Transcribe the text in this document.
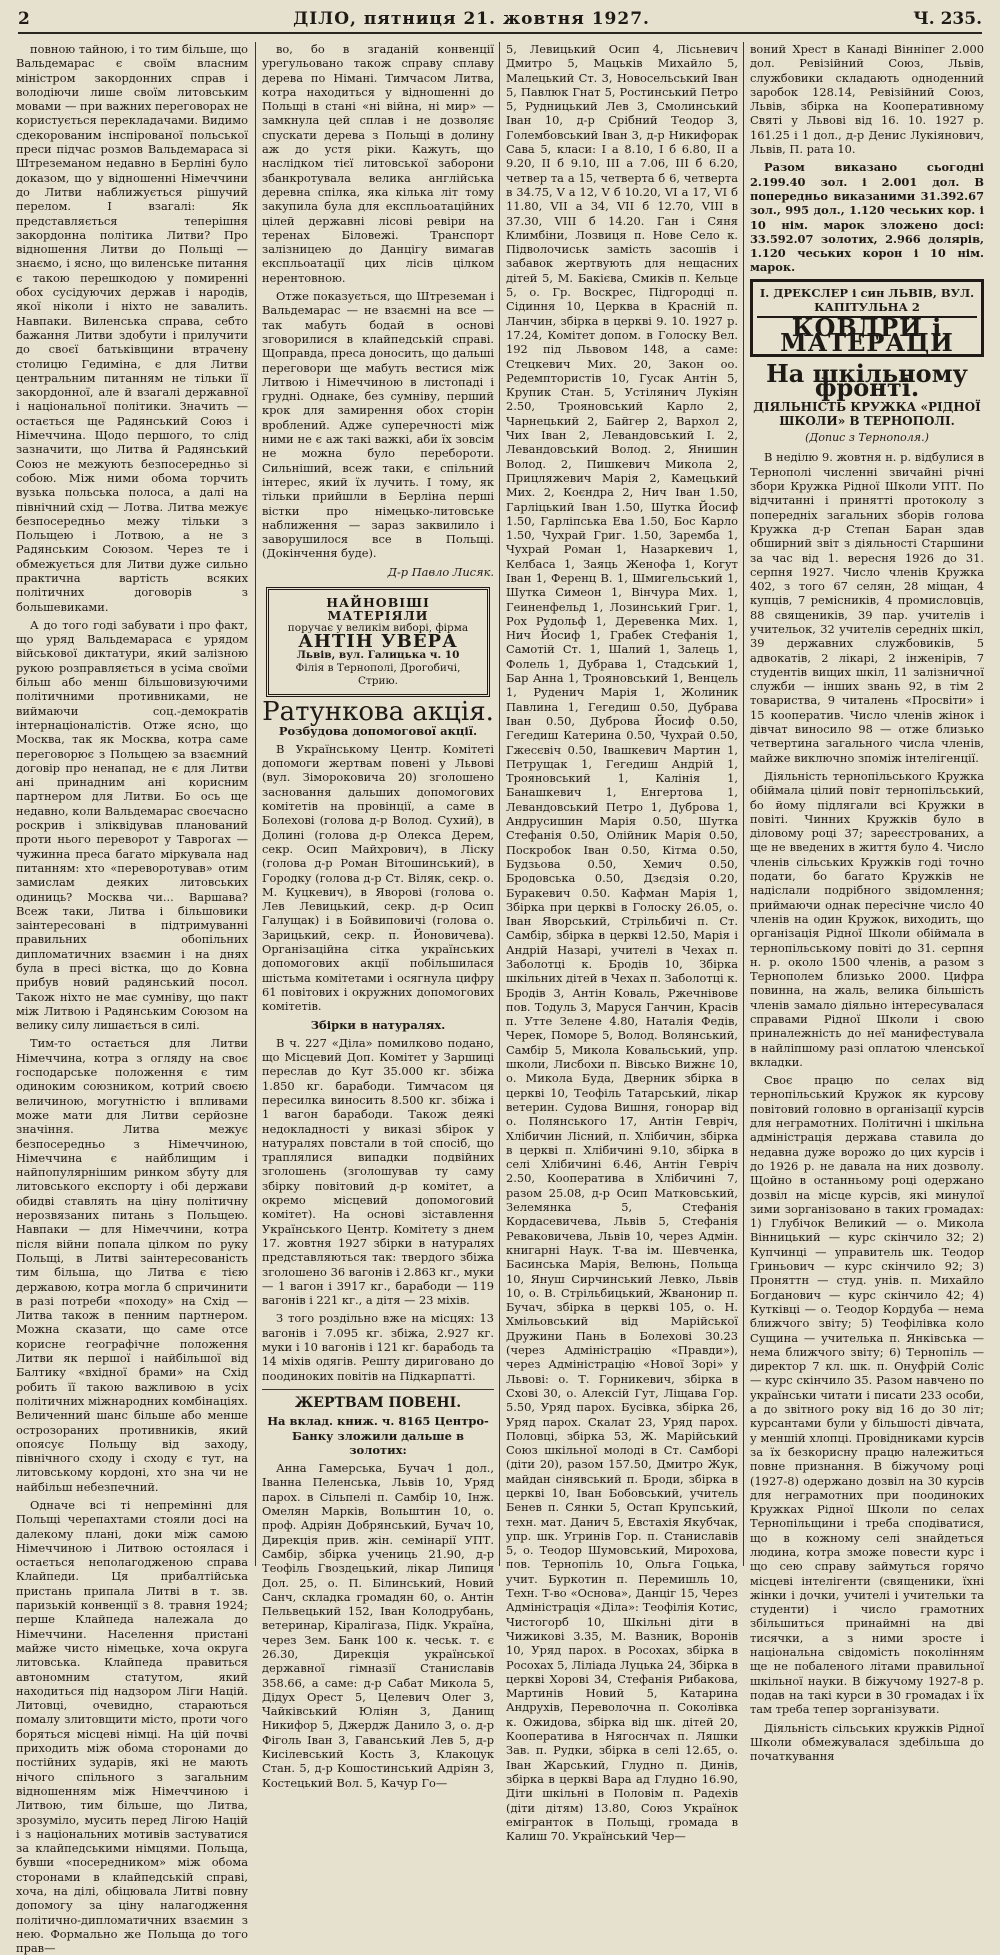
2	ДІЛО, пятниця 21. жовтня 1927.	Ч. 235.

повною тайною, і то тим більше, що Вальдемарас є своїм власним міністром закордонних справ і володіючи лише своїм литовським мовами — при важних переговорах не користується перекладачами. Видимо сдекорованим інспірованої польської преси підчас розмов Вальдемараса зі Штреземаном недавно в Берліні було доказом, що у відношенні Німеччини до Литви наближується рішучий перелом. І взагалі: Як представляється теперішня закордонна політика Литви? Про відношення Литви до Польщі — знаємо, і ясно, що виленське питання є такою перешкодою у помиренні обох сусідуючих держав і народів, якої ніколи і ніхто не завалить. Навпаки. Виленська справа, себто бажання Литви здобути і прилучити до своєї батьківщини втрачену столицю Гедиміна, є для Литви центральним питанням не тільки її закордонної, але й взагалі державної і національної політики. Значить — остається ще Радянський Союз і Німеччина. Щодо першого, то слід зазначити, що Литва й Радянський Союз не межують безпосередньо зі собою. Між ними обома торчить вузька польська полоса, а далі на північний схід — Лотва. Литва межує безпосередньо межу тільки з Польщею і Лотвою, а не з Радянським Союзом. Через те і обмежується для Литви дуже сильно практична вартість всяких політичних договорів з большевиками.

А до того годі забувати і про факт, що уряд Вальдемараса є урядом військової диктатури, який залізною рукою розправляється в усіма своїми більш або менш більшовизуючими політичними противниками, не виймаючи соц.-демократів інтернаціоналістів. Отже ясно, що Москва, так як Москва, котра саме переговорює з Польщею за взаємний договір про ненапад, не є для Литви ані принадним ані корисним партнером для Литви. Бо ось ще недавно, коли Вальдемарас своєчасно роскрив і зліквідував планований проти нього переворот у Таврогах — чужинна преса багато міркувала над питанням: хто «переворотував» отим замислам деяких литовських одиниць? Москва чи... Варшава? Всеж таки, Литва і більшовики заінтересовані в підтримуванні правильних обопільних дипломатичних взаємин і на днях була в пресі вістка, що до Ковна прибув новий радянський посол. Також ніхто не має сумніву, що пакт між Литвою і Радянським Союзом на велику силу лишається в силі.

Тим-то остається для Литви Німеччина, котра з огляду на своє господарське положення є тим одиноким союзником, котрий своєю величиною, могутністю і впливами може мати для Литви серйозне значіння. Литва межує безпосередньо з Німеччиною, Німеччина є найблищим і найпопулярнішим ринком збуту для литовського експорту і обі держави обидві ставлять на ціну політичну нерозвязаних питань з Польщею. Навпаки — для Німеччини, котра після війни попала цілком по руку Польщі, в Литві заінтересованість тим більша, що Литва є тією державою, котра могла б спричинити в разі потреби «походу» на Схід — Литва також в пенним партнером. Можна сказати, що саме отсе корисне географічне положення Литви як першої і найбільшої від Балтику «вхідної брами» на Схід робить її такою важливою в усіх політичних міжнародних комбінаціях. Величенний шанс більше або менше острозораних противників, який опоясує Польщу від заходу, північного сходу і сходу є тут, на литовському кордоні, хто зна чи не найбільш небезпечний.

Одначе всі ті непремінні для Польщі черепахтами стояли досі на далекому плані, доки між самою Німеччиною і Литвою остоялася і остається неполагодженою справа Клайпеди. Ця прибалтійська пристань припала Литві в т. зв. паризькій конвенції з 8. травня 1924; перше Клайпеда належала до Німеччини. Населення пристані майже чисто німецьке, хоча округа литовська. Клайпеда правиться автономним статутом, який находиться під надзором Ліги Націй. Литовці, очевидно, стараються помалу злитовщити місто, проти чого боряться місцеві німці. На цій почві приходить між обома сторонами до постійних зударів, які не мають нічого спільного з загальним відношенням між Німеччиною і Литвою, тим більше, що Литва, зрозуміло, мусить перед Лігою Націй і з національних мотивів застуватися за клайпедськими німцями. Польща, бувши «посередником» між обома сторонами в клайпедській справі, хоча, на ділі, обіцювала Литві повну допомогу за ціну налагодження політично-дипломатичних взаємин з нею. Формально же Польща до того прав—

во, бо в згаданій конвенції урегульовано також справу сплаву дерева по Німані. Тимчасом Литва, котра находиться у відношенні до Польщі в стані «ні війна, ні мир» — замкнула цей сплав і не дозволяє спускати дерева з Польщі в долину аж до устя ріки. Кажуть, що наслідком тієї литовської заборони збанкротувала велика англійська деревна спілка, яка кілька літ тому закупила була для експльоатаційних цілей державні лісові ревіри на теренах Біловежі. Транспорт залізницею до Данцігу вимагав експльоатації цих лісів цілком нерентовною.

Отже показується, що Штреземан і Вальдемарас — не взаємні на все — так мабуть бодай в основі зговорилися в клайпедській справі. Щоправда, преса доносить, що дальші переговори ще мабуть вестися між Литвою і Німеччиною в листопаді і грудні. Однаке, без сумніву, перший крок для замирення обох сторін вроблений. Адже суперечності між ними не є аж такі важкі, аби їх зовсім не можна було перебороти. Сильніший, всеж таки, є спільний інтерес, який їх лучить. І тому, як тільки прийшли в Берліна перші вістки про німецько-литовське наближення — зараз заквилило і заворушилося все в Польщі. (Докінчення буде).

Д-р Павло Лисяк.
НАЙНОВІШІ МАТЕРІЯЛИ
поручає у великім виборі, фірма
АНТІН УВЕРА
Львів, вул. Галицька ч. 10
Філія в Тернополі, Дрогобичі, Стрию.
Ратункова акція.
Розбудова допомогової акції.

В Українському Центр. Комітеті допомоги жертвам повені у Львові (вул. Зімороковича 20) зголошено засновання дальших допомогових комітетів на провінції, а саме в Болехові (голова д-р Волод. Сухий), в Долині (голова д-р Олекса Дерем, секр. Осип Майхрович), в Ліску (голова д-р Роман Вітошинський), в Городку (голова д-р Ст. Віляк, секр. о. М. Куцкевич), в Яворові (голова о. Лев Левицький, секр. д-р Осип Галущак) і в Бойвиповичі (голова о. Зарицький, секр. п. Йоновичева). Організаційна сітка українських допомогових акції побільшилася шістьма комітетами і осягнула цифру 61 повітових і окружних допомогових комітетів.

Збірки в натуралях.

В ч. 227 «Діла» помилково подано, що Місцевий Доп. Комітет у Заршиці переслав до Кут 35.000 кг. збіжа 1.850 кг. барабоди. Тимчасом ця пересилка виносить 8.500 кг. збіжа і 1 вагон барабоди. Також деякі недокладності у виказі збірок у натуралях повстали в той спосіб, що траплялися випадки подвійних зголошень (зголошував ту саму збірку повітовий д-р комітет, а окремо місцевий допомоговий комітет). На основі зіставлення Українського Центр. Комітету з днем 17. жовтня 1927 збірки в натуралях представляються так: твердого збіжа зголошено 36 вагонів і 2.863 кг., муки — 1 вагон і 3917 кг., барабоди — 119 вагонів і 221 кг., а дітя — 23 міхів.

З того роздільно вже на місцях: 13 вагонів і 7.095 кг. збіжа, 2.927 кг. муки і 10 вагонів і 121 кг. барабодь та 14 міхів одягів. Решту дириговано до поодиноких повітів на Підкарпатті.

ЖЕРТВАМ ПОВЕНІ.
На вклад. книж. ч. 8165 Центро-Банку зложили дальше в золотих:

Анна Гамерська, Бучач 1 дол., Іванна Пеленська, Львів 10, Уряд парох. в Сільпелі п. Самбір 10, Інж. Омелян Марків, Вольштин 10, о. проф. Адріян Добрянський, Бучач 10, Дирекція прив. жін. семінарії УПТ. Самбір, збірка учениць 21.90, д-р Теофіль Гвоздецький, лікар Липиця Дол. 25, о. П. Білинський, Новий Санч, складка громадян 60, о. Антін Пельвецький 152, Іван Колодрубань, ветеринар, Кіралігаза, Підк. Україна, через Зем. Банк 100 к. чеськ. т. є 26.30, Дирекція української державної гімназії Станиславів 358.66, а саме: д-р Сабат Микола 5, Дідух Орест 5, Целевич Олег 3, Чайківський Юліян 3, Данищ Никифор 5, Джердж Данило 3, о. д-р Фіголь Іван 3, Гаванський Лев 5, д-р Кисілевський Кость 3, Клакоцук Стан. 5, д-р Кошостинський Адріян 3, Костецький Вол. 5, Качур Го—

5, Левицький Осип 4, Лісьневич Дмитро 5, Мацьків Михайло 5, Малецький Ст. 3, Новосельський Іван 5, Павлюк Гнат 5, Ростинський Петро 5, Рудницький Лев 3, Смолинський Іван 10, д-р Срібний Теодор 3, Голембовський Іван 3, д-р Никифорак Сава 5, класи: І а 8.10, І б 6.80, ІІ а 9.20, ІІ б 9.10, ІІІ а 7.06, ІІІ б 6.20, четвер та а 15, четверта б 6, четверта в 34.75, V а 12, V б 10.20, VI а 17, VI б 11.80, VII а 34, VII б 12.70, VIII в 37.30, VIII б 14.20. Ган і Сяня Климбіни, Лозвиця п. Нове Село к. Підволочиськ замість засошів і забавок жертвують для нещасних дітей 5, М. Бакієва, Смиків п. Кельце 5, о. Гр. Воскрес, Підгородці п. Сідиння 10, Церква в Красній п. Ланчин, збірка в церкві 9. 10. 1927 р. 17.24, Комітет допом. в Голоску Вел. 192 під Львовом 148, а саме: Стецкевич Мих. 20, Закон оо. Редемптористів 10, Гусак Антін 5, Крупик Стан. 5, Устілянич Лукіян 2.50, Трояновський Карло 2, Чарнецький 2, Байгер 2, Вархол 2, Чих Іван 2, Левандовський І. 2, Левандовський Волод. 2, Янишин Волод. 2, Пишкевич Микола 2, Прицляжевич Марія 2, Камецький Мих. 2, Коєндра 2, Нич Іван 1.50, Гарліцький Іван 1.50, Шутка Йосиф 1.50, Гарліпська Ева 1.50, Бос Карло 1.50, Чухрай Григ. 1.50, Заремба 1, Чухрай Роман 1, Назаркевич 1, Келбаса 1, Заяць Женофа 1, Когут Іван 1, Ференц В. 1, Шмигельський 1, Шутка Симеон 1, Вінчура Мих. 1, Геиненфельд 1, Лозинський Григ. 1, Рох Рудольф 1, Деревенка Мих. 1, Нич Йосиф 1, Грабек Стефанія 1, Самотій Ст. 1, Шалий 1, Залець 1, Фолель 1, Дубрава 1, Стадський 1, Бар Анна 1, Трояновський 1, Венцель 1, Руденич Марія 1, Жолиник Павлина 1, Гегедиш 0.50, Дубрава Іван 0.50, Дуброва Йосиф 0.50, Гегедиш Катерина 0.50, Чухрай 0.50, Гжесєвіч 0.50, Івашкевич Мартин 1, Петрущак 1, Гегедиш Андрій 1, Трояновський 1, Калінія 1, Банашкевич 1, Енгертова 1, Левандовський Петро 1, Дуброва 1, Андрусишин Марія 0.50, Шутка Стефанія 0.50, Олійник Марія 0.50, Поскробок Іван 0.50, Кітма 0.50, Будзьова 0.50, Хемич 0.50, Бродовська 0.50, Дзєдзія 0.20, Буракевич 0.50. Кафман Марія 1, Збірка при церкві в Голоску 26.05, о. Іван Яворський, Стрільбичі п. Ст. Самбір, збірка в церкві 12.50, Марія і Андрій Назарі, учителі в Чехах п. Заболотці к. Бродів 10, Збірка шкільних дітей в Чехах п. Заболотці к. Бродів 3, Антін Коваль, Ржечнівове пов. Тодуль 3, Маруся Ганчин, Красів п. Утте Зелене 4.80, Наталія Федів, Черек, Помоpe 5, Волод. Волянський, Самбір 5, Микола Ковальський, упр. школи, Лисбохи п. Вівсько Вижнє 10, о. Микола Буда, Дверник збірка в церкві 10, Теофіль Татарський, лікар ветерин. Судова Вишня, гонорар від о. Полянського 17, Антін Гевріч, Хлібичин Лісний, п. Хлібичин, збірка в церкві п. Хлібичині 9.10, збірка в селі Хлібичині 6.46, Антін Гевріч 2.50, Кооператива в Хлібичині 7, разом 25.08, д-р Осип Матковський, Зелемянка 5, Стефанія Кордасевичева, Львів 5, Стефанія Реваковичева, Львів 10, через Адмін. книгарні Наук. Т-ва ім. Шевченка, Басинська Марія, Велюнь, Польща 10, Януш Сирчинський Левко, Львів 10, о. В. Стрільбицький, Жванонир п. Бучач, збірка в церкві 105, о. Н. Хмільовський від Марійської Дружини Пань в Болехові 30.23 (через Адміністрацію «Правди»), через Адміністрацію «Нової Зорі» у Львові: о. Т. Горникевич, збірка в Схові 30, о. Алексій Гут, Ліщава Гор. 5.50, Уряд парох. Бусівка, збірка 26, Уряд парох. Скалат 23, Уряд парох. Половці, збірка 53, Ж. Марійський Союз шкільної молоді в Ст. Самборі (діти 20), разом 157.50, Дмитро Жук, майдан сінявський п. Броди, збірка в церкві 10, Іван Бобовський, учитель Бенев п. Сянки 5, Остап Крупський, техн. мат. Данич 5, Евстахія Якубчак, упр. шк. Угринів Гор. п. Станиславів 5, о. Теодор Шумовський, Мирохова, пов. Тернопіль 10, Ольга Гоцька, учит. Буркотин п. Перемишль 10, Техн. Т-во «Основа», Данціг 15, Через Адміністрація «Діла»: Теофілія Котис, Чистогорб 10, Шкільні діти в Чижикові 3.35, М. Вазник, Воронів 10, Уряд парох. в Росохах, збірка в Росохах 5, Ліліада Луцька 24, Збірка в церкві Хорові 34, Стефанія Рибакова, Мартинів Новий 5, Катарина Андрухів, Переволочна п. Соколівка к. Ожидова, збірка від шк. дітей 20, Кооператива в Нягоснчах п. Ляшки Зав. п. Рудки, збірка в селі 12.65, о. Іван Жарський, Глудно п. Динів, збірка в церкві Вара ад Глудно 16.90, Діти шкільні в Половім п. Радехів (діти дітям) 13.80, Союз Українок емігранток в Польщі, громада в Калиш 70. Український Чер—

воний Хрест в Канаді Вінніпег 2.000 дол. Ревізійний Союз, Львів, службовики складають одноденний заробок 128.14, Ревізійний Союз, Львів, збірка на Кооперативному Святі у Львові від 16. 10. 1927 р. 161.25 і 1 дол., д-р Денис Лукіянович, Львів, П. рата 10.

Разом виказано сьогодні 2.199.40 зол. і 2.001 дол. В попередньо виказаними 31.392.67 зол., 995 дол., 1.120 чеських кор. і 10 нім. марок зложено досі: 33.592.07 золотих, 2.966 долярів, 1.120 чеських корон і 10 нім. марок.

І. ДРЕКСЛЕР і син ЛЬВІВ, ВУЛ. КАПІТУЛЬНА 2
КОВДРИ і МАТЕРАЦИ
На шкільному фронті.
ДІЯЛЬНІСТЬ КРУЖКА «РІДНОЇ ШКОЛИ» В ТЕРНОПОЛІ.
(Допис з Тернополя.)

В неділю 9. жовтня н. р. відбулися в Тернополі численні звичайні річні збори Кружка Рідної Школи УПТ. По відчитанні і принятті протоколу з попередніх загальних зборів голова Кружка д-р Степан Баран здав обширний звіт з діяльності Старшини за час від 1. вересня 1926 до 31. серпня 1927. Число членів Кружка 402, з того 67 селян, 28 міщан, 4 купців, 7 ремісників, 4 промисловців, 88 священиків, 39 пар. учителів і учительок, 32 учителів середніх шкіл, 39 державних службовиків, 5 адвокатів, 2 лікарі, 2 інженірів, 7 студентів вищих шкіл, 11 залізничної служби — інших звань 92, в тім 2 товариства, 9 читалень «Просвіти» і 15 кооператив. Число членів жінок і дівчат виносило 98 — отже близько четвертина загального числа членів, майже виключно зпоміж інтелігенції.

Діяльність тернопільського Кружка обіймала цілий повіт тернопільський, бо йому підлягали всі Кружки в повіті. Чинних Кружків було в діловому році 37; зареєстрованих, а ще не введених в життя було 4. Число членів сільських Кружків годі точно подати, бо багато Кружків не надіслали подрібного звідомлення; приймаючи однак пересічне число 40 членів на один Кружок, виходить, що організація Рідної Школи обіймала в тернопільському повіті до 31. серпня н. р. около 1500 членів, а разом з Тернополем близько 2000. Цифра повинна, на жаль, велика більшість членів замало діяльно інтересувалася справами Рідної Школи і свою приналежність до неї манифестувала в найліпшому разі оплатою членської вкладки.

Своє працю по селах від тернопільський Кружок як курсову повітовий головно в організації курсів для неграмотних. Політичні і шкільна адміністрація держава ставила до недавна дуже ворожо до цих курсів і до 1926 р. не давала на них дозволу. Щойно в останньому році одержано дозвіл на місце курсів, які минулої зими зорганізовано в таких громадах: 1) Глубічок Великий — о. Микола Вінницький — курс скінчило 32; 2) Купчинці — управитель шк. Теодор Гриньович — курс скінчило 92; 3) Проняттн — студ. унів. п. Михайло Богданович — курс скінчило 42; 4) Кутківці — о. Теодор Кордуба — нема ближчого звіту; 5) Теофілівка коло Сущина — учителька п. Янківська — нема ближчого звіту; 6) Тернопіль — директор 7 кл. шк. п. Онуфрій Соліс — курс скінчило 35. Разом навчено по українськи читати і писати 233 особи, а до звітного року від 16 до 30 літ; курсантами були у більшості дівчата, у меншій хлопці. Провідниками курсів за їх безкорисну працю належиться повне признання. В біжучому році (1927-8) одержано дозвіл на 30 курсів для неграмотних при поодиноких Кружках Рідної Школи по селах Тернопільщини і треба сподіватися, що в кожному селі знайдеться людина, котра зможе повести курс і що сею справу займуться горячо місцеві інтелігенти (священики, їхні жінки і дочки, учителі і учительки та студенти) і число грамотних збільшиться принаймні на дві тисячки, а з ними зросте і національна свідомість поколінням ще не побаленого літами правильної шкільної науки. В біжучому 1927-8 р. подав на такі курси в 30 громадах і їх там треба тепер зорганізувати.

Діяльність сільських кружків Рідної Школи обмежувалася здебільша до початкування
